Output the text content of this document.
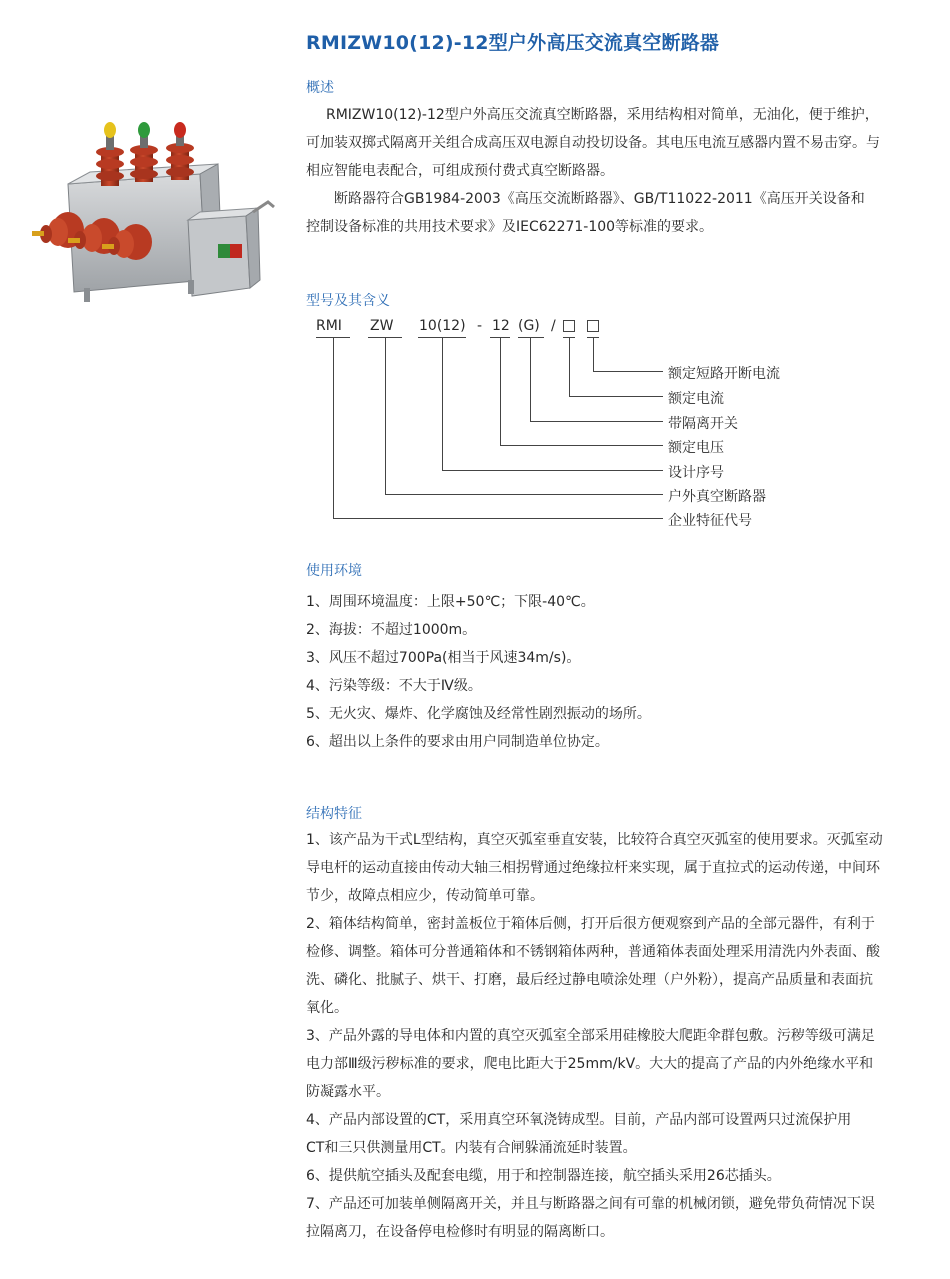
RMIZW10(12)-12型户外高压交流真空断路器
概述

RMIZW10(12)-12型户外高压交流真空断路器，采用结构相对简单，无油化，便于维护，

可加装双掷式隔离开关组合成高压双电源自动投切设备。其电压电流互感器内置不易击穿。与

相应智能电表配合，可组成预付费式真空断路器。

断路器符合GB1984-2003《高压交流断路器》、GB/T11022-2011《高压开关设备和

控制设备标准的共用技术要求》及IEC62271-100等标准的要求。

型号及其含义
RMI ZW 10(12) - 12 (G) /
额定短路开断电流
额定电流
带隔离开关
额定电压
设计序号
户外真空断路器
企业特征代号
使用环境
1、周围环境温度：上限+50℃；下限-40℃。
2、海拔：不超过1000m。
3、风压不超过700Pa(相当于风速34m/s)。
4、污染等级：不大于Ⅳ级。
5、无火灾、爆炸、化学腐蚀及经常性剧烈振动的场所。
6、超出以上条件的要求由用户同制造单位协定。
结构特征

1、该产品为干式L型结构，真空灭弧室垂直安装，比较符合真空灭弧室的使用要求。灭弧室动

导电杆的运动直接由传动大轴三相拐臂通过绝缘拉杆来实现，属于直拉式的运动传递，中间环

节少，故障点相应少，传动简单可靠。

2、箱体结构简单，密封盖板位于箱体后侧，打开后很方便观察到产品的全部元器件，有利于

检修、调整。箱体可分普通箱体和不锈钢箱体两种，普通箱体表面处理采用清洗内外表面、酸

洗、磷化、批腻子、烘干、打磨，最后经过静电喷涂处理（户外粉），提高产品质量和表面抗

氧化。

3、产品外露的导电体和内置的真空灭弧室全部采用硅橡胶大爬距伞群包敷。污秽等级可满足

电力部Ⅲ级污秽标准的要求，爬电比距大于25mm/kV。大大的提高了产品的内外绝缘水平和

防凝露水平。

4、产品内部设置的CT，采用真空环氧浇铸成型。目前，产品内部可设置两只过流保护用

CT和三只供测量用CT。内装有合闸躲涌流延时装置。

6、提供航空插头及配套电缆，用于和控制器连接，航空插头采用26芯插头。

7、产品还可加装单侧隔离开关，并且与断路器之间有可靠的机械闭锁，避免带负荷情况下误

拉隔离刀，在设备停电检修时有明显的隔离断口。
